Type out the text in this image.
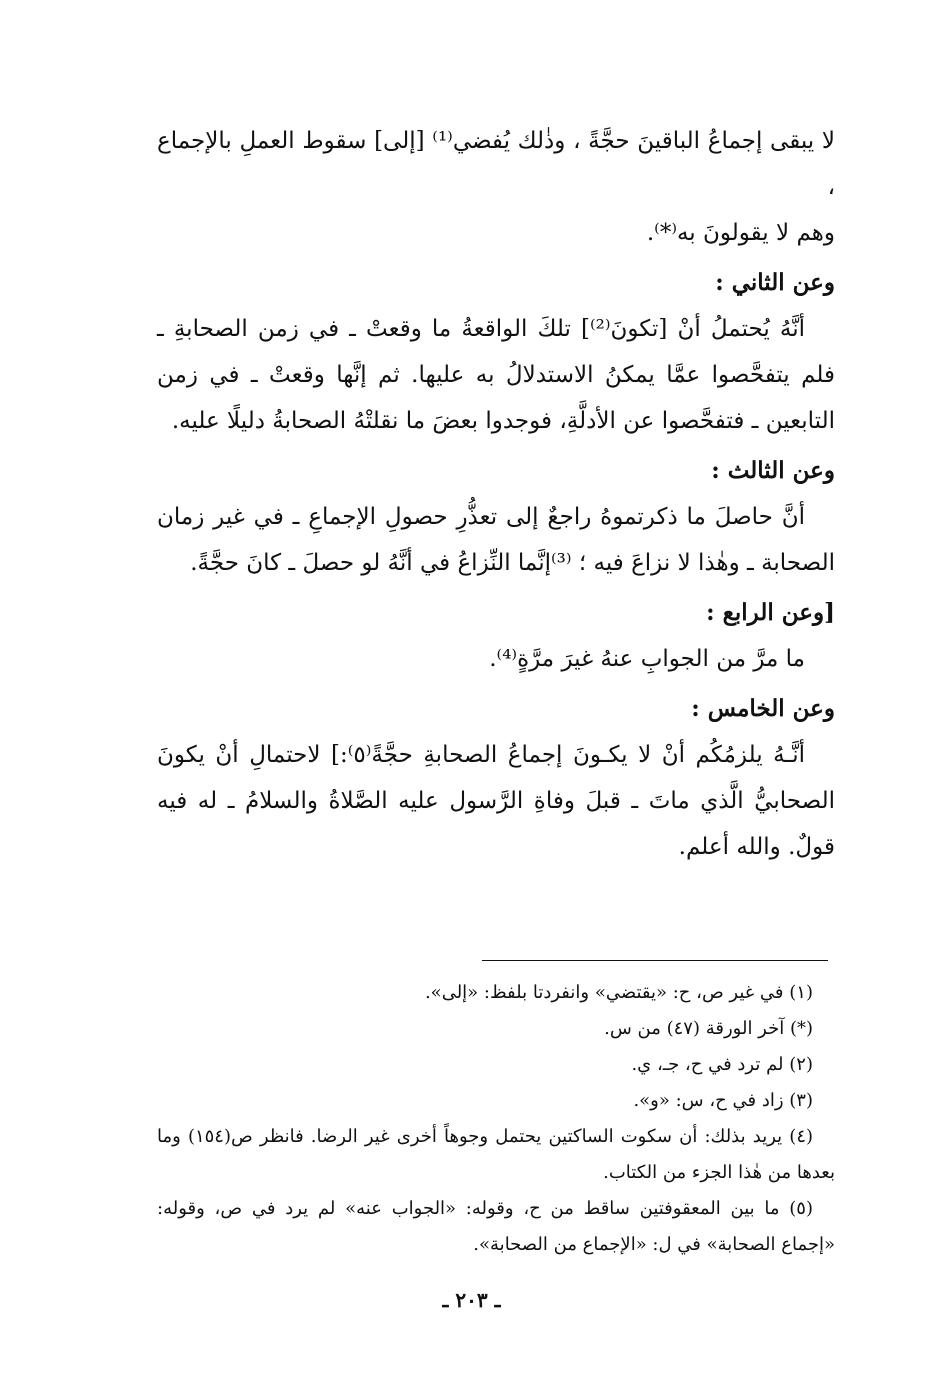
لا يبقى إجماعُ الباقينَ حجَّةً ، وذٰلك يُفضي⁽¹⁾ [إلى] سقوط العملِ بالإجماع ،
وهم لا يقولونَ به⁽*⁾.

وعن الثاني :

أنَّهُ يُحتملُ أنْ [تكونَ⁽²⁾] تلكَ الواقعةُ ما وقعتْ ـ في زمن الصحابةِ ـ فلم يتفحَّصوا عمَّا يمكنُ الاستدلالُ به عليها. ثم إنَّها وقعتْ ـ في زمن التابعين ـ فتفحَّصوا عن الأدلَّةِ، فوجدوا بعضَ ما نقلتْهُ الصحابةُ دليلًا عليه.

وعن الثالث :

أنَّ حاصلَ ما ذكرتموهُ راجعٌ إلى تعذُّرِ حصولِ الإجماعِ ـ في غير زمان الصحابة ـ وهٰذا لا نزاعَ فيه ؛ ⁽³⁾إنَّما النِّزاعُ في أنَّهُ لو حصلَ ـ كانَ حجَّةً.

[وعن الرابع :

ما مرَّ من الجوابِ عنهُ غيرَ مرَّةٍ⁽⁴⁾.

وعن الخامس :

أنَّـهُ يلزمُكُم أنْ لا يكـونَ إجماعُ الصحابةِ حجَّةً⁽٥⁾:] لاحتمالِ أنْ يكونَ الصحابيُّ الَّذي ماتَ ـ قبلَ وفاةِ الرَّسول عليه الصَّلاةُ والسلامُ ـ له فيه قولٌ. والله أعلم.

(١) في غير ص، ح: «يقتضي» وانفردتا بلفظ: «إلى».

(*) آخر الورقة (٤٧) من س.

(٢) لم ترد في ح، جـ، ي.

(٣) زاد في ح، س: «و».

(٤) يريد بذلك: أن سكوت الساكتين يحتمل وجوهاً أخرى غير الرضا. فانظر ص(١٥٤) وما بعدها من هٰذا الجزء من الكتاب.

(٥) ما بين المعقوفتين ساقط من ح، وقوله: «الجواب عنه» لم يرد في ص، وقوله: «إجماع الصحابة» في ل: «الإجماع من الصحابة».

ـ ٢٠٣ ـ
